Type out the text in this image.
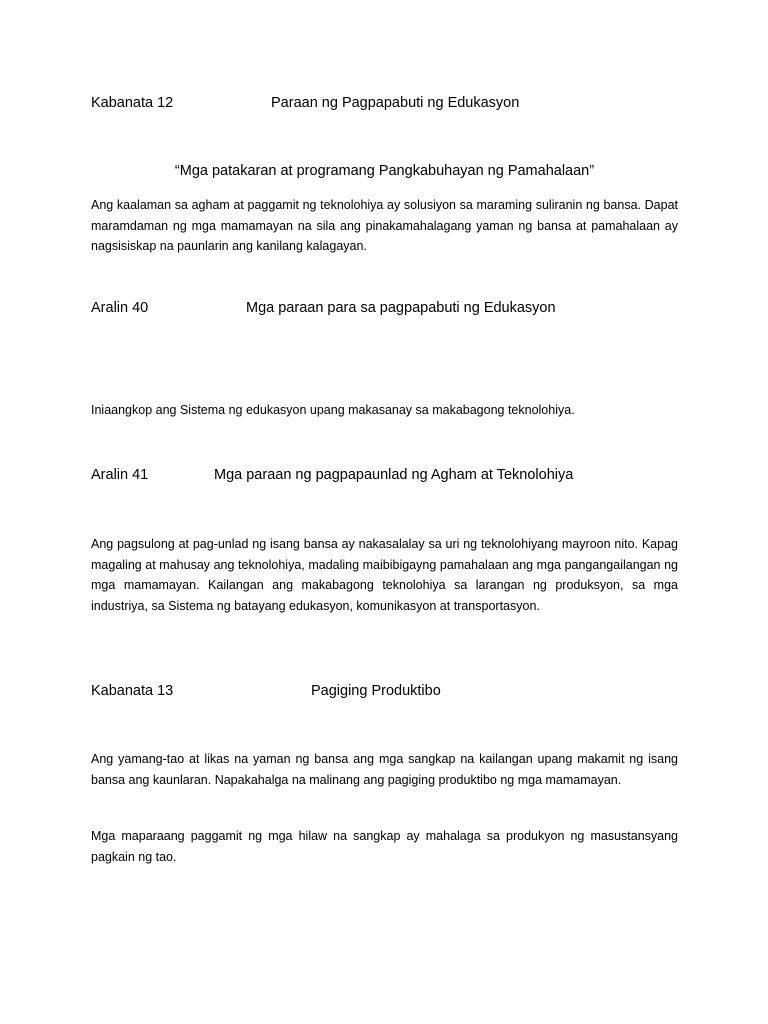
Kabanata 12	Paraan ng Pagpapabuti ng Edukasyon
“Mga patakaran at programang Pangkabuhayan ng Pamahalaan”

Ang kaalaman sa agham at paggamit ng teknolohiya ay solusiyon sa maraming suliranin ng bansa. Dapat maramdaman ng mga mamamayan na sila ang pinakamahalagang yaman ng bansa at pamahalaan ay nagsisiskap na paunlarin ang kanilang kalagayan.

Aralin 40	Mga paraan para sa pagpapabuti ng Edukasyon

Iniaangkop ang Sistema ng edukasyon upang makasanay sa makabagong teknolohiya.

Aralin 41	Mga paraan ng pagpapaunlad ng Agham at Teknolohiya

Ang pagsulong at pag-unlad ng isang bansa ay nakasalalay sa uri ng teknolohiyang mayroon nito. Kapag magaling at mahusay ang teknolohiya, madaling maibibigayng pamahalaan ang mga pangangailangan ng mga mamamayan. Kailangan ang makabagong teknolohiya sa larangan ng produksyon, sa mga industriya, sa Sistema ng batayang edukasyon, komunikasyon at transportasyon.

Kabanata 13	Pagiging Produktibo

Ang yamang-tao at likas na yaman ng bansa ang mga sangkap na kailangan upang makamit ng isang bansa ang kaunlaran. Napakahalga na malinang ang pagiging produktibo ng mga mamamayan.

Mga maparaang paggamit ng mga hilaw na sangkap ay mahalaga sa produkyon ng masustansyang pagkain ng tao.
